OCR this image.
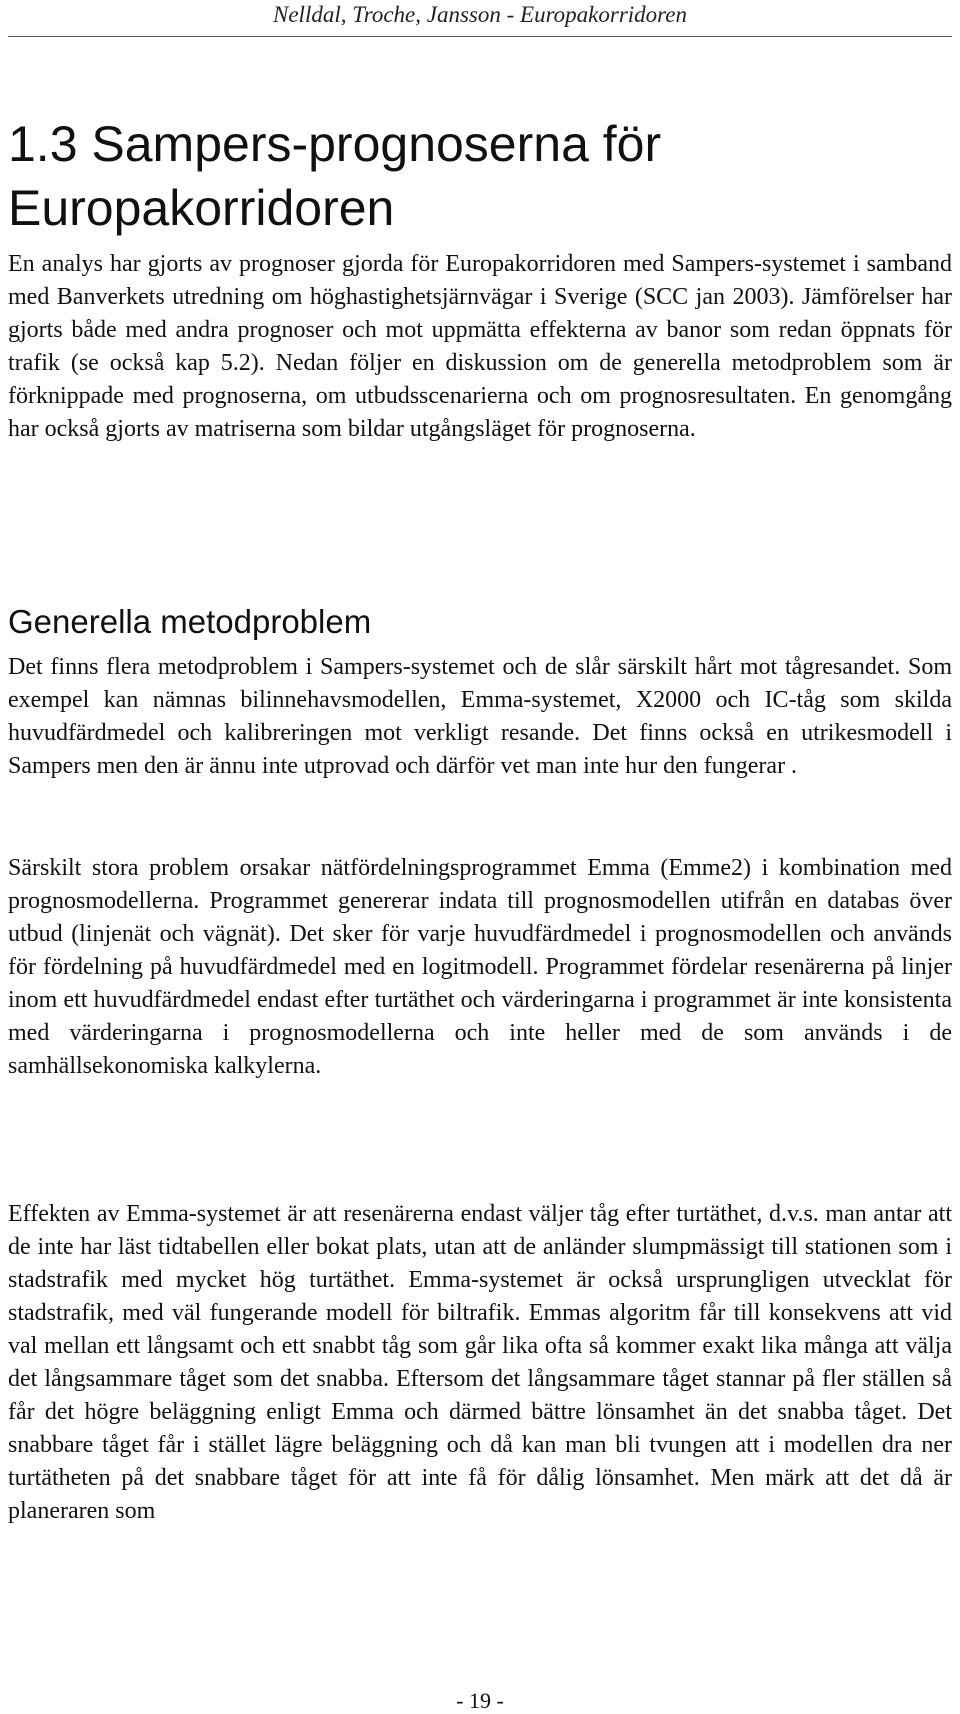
Nelldal, Troche, Jansson - Europakorridoren
1.3 Sampers-prognoserna för Europakorridoren

En analys har gjorts av prognoser gjorda för Europakorridoren med Sampers-systemet i samband med Banverkets utredning om höghastighetsjärnvägar i Sverige (SCC jan 2003). Jämförelser har gjorts både med andra prognoser och mot uppmätta effekterna av banor som redan öppnats för trafik (se också kap 5.2). Nedan följer en diskussion om de generella metodproblem som är förknippade med prognoserna, om utbudsscenarierna och om prognosresultaten. En genomgång har också gjorts av matriserna som bildar utgångsläget för prognoserna.

Generella metodproblem

Det finns flera metodproblem i Sampers-systemet och de slår särskilt hårt mot tågresandet. Som exempel kan nämnas bilinnehavsmodellen, Emma-systemet, X2000 och IC-tåg som skilda huvudfärdmedel och kalibreringen mot verkligt resande. Det finns också en utrikesmodell i Sampers men den är ännu inte utprovad och därför vet man inte hur den fungerar .

Särskilt stora problem orsakar nätfördelningsprogrammet Emma (Emme2) i kombination med prognosmodellerna. Programmet genererar indata till prognosmodellen utifrån en databas över utbud (linjenät och vägnät). Det sker för varje huvudfärdmedel i prognosmodellen och används för fördelning på huvudfärdmedel med en logitmodell. Programmet fördelar resenärerna på linjer inom ett huvudfärdmedel endast efter turtäthet och värderingarna i programmet är inte konsistenta med värderingarna i prognosmodellerna och inte heller med de som används i de samhällsekonomiska kalkylerna.

Effekten av Emma-systemet är att resenärerna endast väljer tåg efter turtäthet, d.v.s. man antar att de inte har läst tidtabellen eller bokat plats, utan att de anländer slumpmässigt till stationen som i stadstrafik med mycket hög turtäthet. Emma-systemet är också ursprungligen utvecklat för stadstrafik, med väl fungerande modell för biltrafik. Emmas algoritm får till konsekvens att vid val mellan ett långsamt och ett snabbt tåg som går lika ofta så kommer exakt lika många att välja det långsammare tåget som det snabba. Eftersom det långsammare tåget stannar på fler ställen så får det högre beläggning enligt Emma och därmed bättre lönsamhet än det snabba tåget. Det snabbare tåget får i stället lägre beläggning och då kan man bli tvungen att i modellen dra ner turtätheten på det snabbare tåget för att inte få för dålig lönsamhet. Men märk att det då är planeraren som

- 19 -
